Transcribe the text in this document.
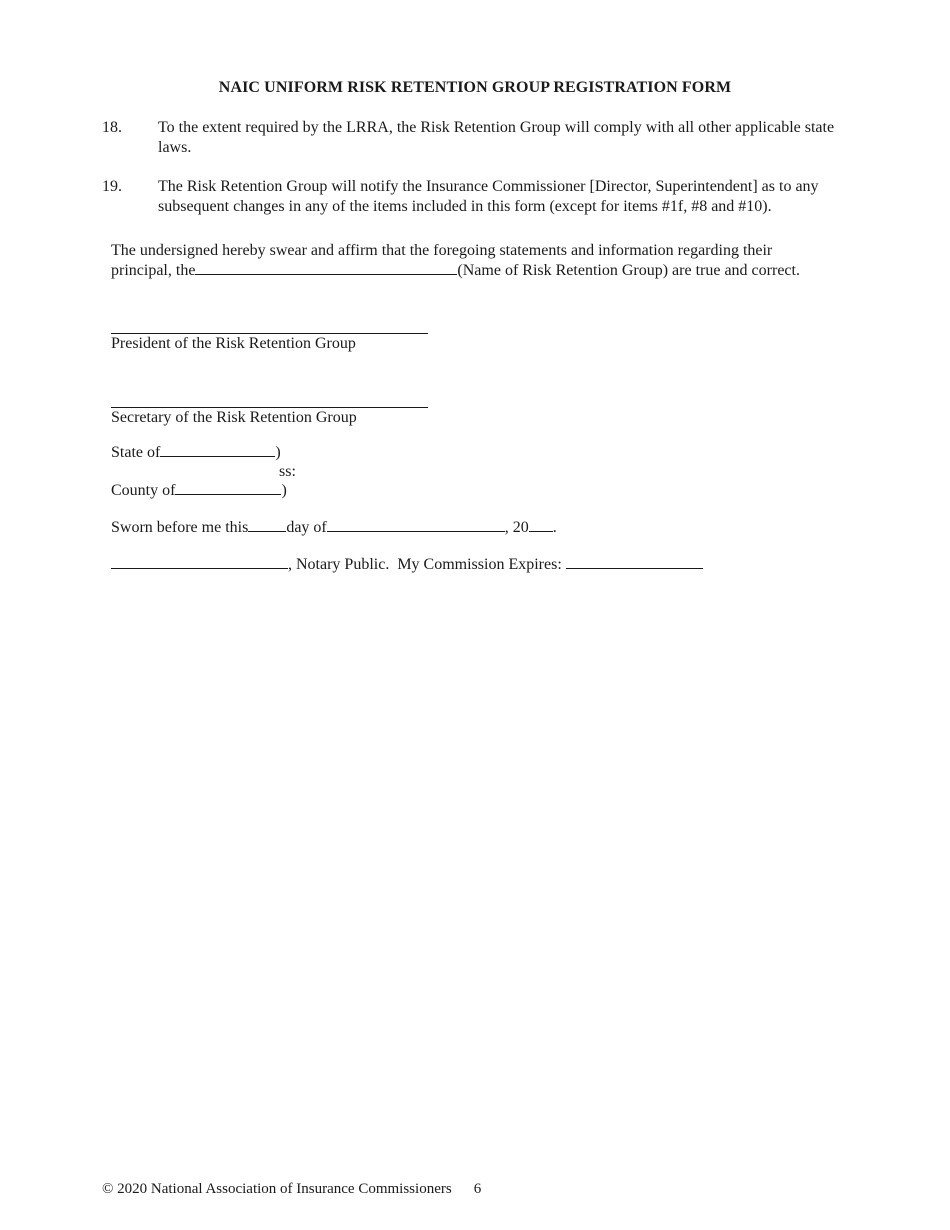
NAIC UNIFORM RISK RETENTION GROUP REGISTRATION FORM
18.	To the extent required by the LRRA, the Risk Retention Group will comply with all other applicable state laws.
19.	The Risk Retention Group will notify the Insurance Commissioner [Director, Superintendent] as to any subsequent changes in any of the items included in this form (except for items #1f, #8 and #10).
The undersigned hereby swear and affirm that the foregoing statements and information regarding their
principal, the	(Name of Risk Retention Group) are true and correct.
President of the Risk Retention Group
Secretary of the Risk Retention Group
State of	)
ss:
County of	)
Sworn before me this day of	, 20 .
, Notary Public.  My Commission Expires:
© 2020 National Association of Insurance Commissioners 6
